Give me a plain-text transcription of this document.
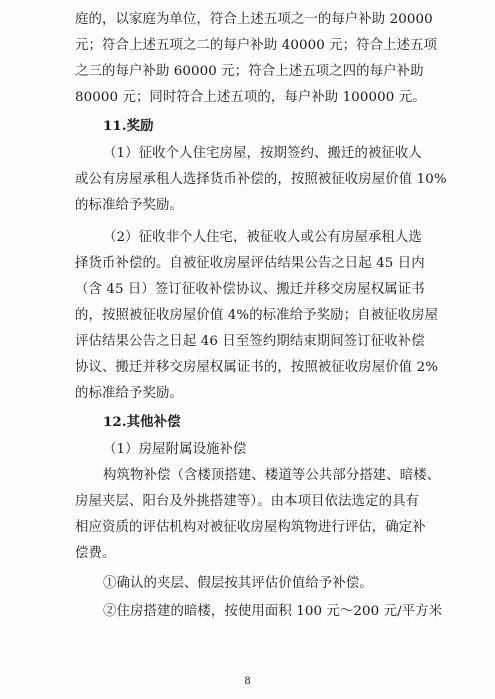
庭的，以家庭为单位，符合上述五项之一的每户补助 20000
元；符合上述五项之二的每户补助 40000 元；符合上述五项
之三的每户补助 60000 元；符合上述五项之四的每户补助
80000 元；同时符合上述五项的，每户补助 100000 元。
11.奖励
（1）征收个人住宅房屋，按期签约、搬迁的被征收人
或公有房屋承租人选择货币补偿的，按照被征收房屋价值 10%
的标准给予奖励。
（2）征收非个人住宅，被征收人或公有房屋承租人选
择货币补偿的。自被征收房屋评估结果公告之日起 45 日内
（含 45 日）签订征收补偿协议、搬迁并移交房屋权属证书
的，按照被征收房屋价值 4%的标准给予奖励；自被征收房屋
评估结果公告之日起 46 日至签约期结束期间签订征收补偿
协议、搬迁并移交房屋权属证书的，按照被征收房屋价值 2%
的标准给予奖励。
12.其他补偿
（1）房屋附属设施补偿
构筑物补偿（含楼顶搭建、楼道等公共部分搭建、暗楼、
房屋夹层、阳台及外挑搭建等）。由本项目依法选定的具有
相应资质的评估机构对被征收房屋构筑物进行评估，确定补
偿费。
①确认的夹层、假层按其评估价值给予补偿。
②住房搭建的暗楼，按使用面积 100 元～200 元/平方米
8
